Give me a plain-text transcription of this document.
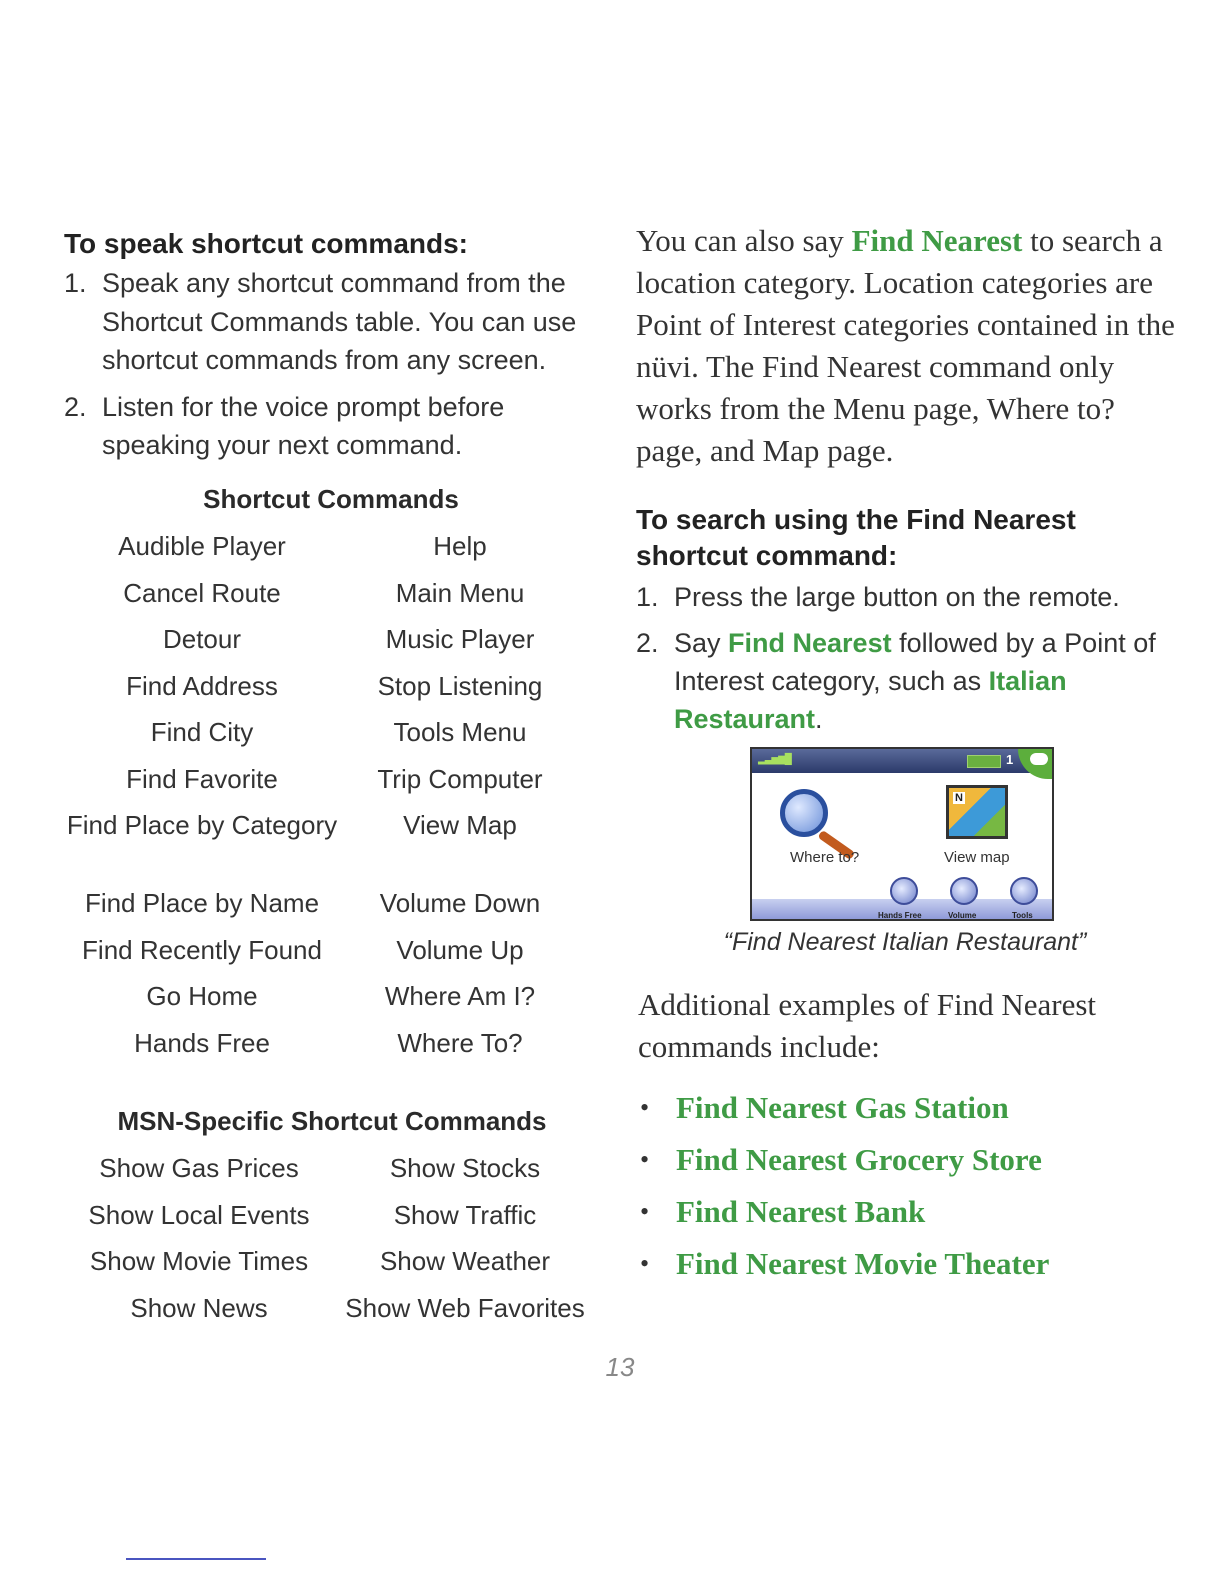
To speak shortcut commands:
1. Speak any shortcut command from the Shortcut Commands table. You can use shortcut commands from any screen.
2. Listen for the voice prompt before speaking your next command.
Shortcut Commands
Audible Player	Help
Cancel Route	Main Menu
Detour	Music Player
Find Address	Stop Listening
Find City	Tools Menu
Find Favorite	Trip Computer
Find Place by Category	View Map
Find Place by Name	Volume Down
Find Recently Found	Volume Up
Go Home	Where Am I?
Hands Free	Where To?
MSN-Specific Shortcut Commands
Show Gas Prices	Show Stocks
Show Local Events	Show Traffic
Show Movie Times	Show Weather
Show News	Show Web Favorites

You can also say Find Nearest to search a location category. Location categories are Point of Interest categories contained in the nüvi. The Find Nearest command only works from the Menu page, Where to? page, and Map page.

To search using the Find Nearest shortcut command:
1. Press the large button on the remote.
2. Say Find Nearest followed by a Point of Interest category, such as Italian Restaurant.
▂▃▅▆█	1
N
Where to?	View map
Hands Free	Volume	Tools
“Find Nearest Italian Restaurant”

Additional examples of Find Nearest commands include:

• Find Nearest Gas Station
• Find Nearest Grocery Store
• Find Nearest Bank
• Find Nearest Movie Theater
13
